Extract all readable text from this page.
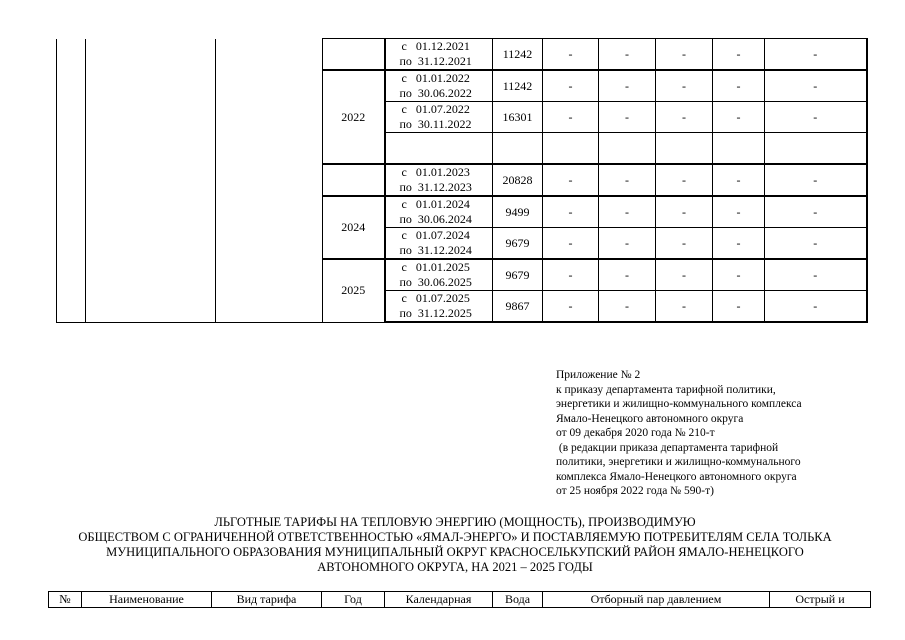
				с   01.12.2021
по  31.12.2021	11242	-	-	-	-	-
			2022	с   01.01.2022
по  30.06.2022	11242	-	-	-	-	-

				с   01.07.2022
по  30.11.2022	16301	-	-	-	-	-

				с   01.01.2023
по  31.12.2023	20828	-	-	-	-	-
			2024	с   01.01.2024
по  30.06.2024	9499	-	-	-	-	-

				с   01.07.2024
по  31.12.2024	9679	-	-	-	-	-
			2025	с   01.01.2025
по  30.06.2025	9679	-	-	-	-	-

				с   01.07.2025
по  31.12.2025	9867	-	-	-	-	-
Приложение № 2
к приказу департамента тарифной политики,
энергетики и жилищно-коммунального комплекса
Ямало-Ненецкого автономного округа
от 09 декабря 2020 года № 210-т
(в редакции приказа департамента тарифной
политики, энергетики и жилищно-коммунального
комплекса Ямало-Ненецкого автономного округа
от 25 ноября 2022 года № 590-т)
ЛЬГОТНЫЕ ТАРИФЫ НА ТЕПЛОВУЮ ЭНЕРГИЮ (МОЩНОСТЬ), ПРОИЗВОДИМУЮ
ОБЩЕСТВОМ С ОГРАНИЧЕННОЙ ОТВЕТСТВЕННОСТЬЮ «ЯМАЛ-ЭНЕРГО» И ПОСТАВЛЯЕМУЮ ПОТРЕБИТЕЛЯМ СЕЛА ТОЛЬКА
МУНИЦИПАЛЬНОГО ОБРАЗОВАНИЯ МУНИЦИПАЛЬНЫЙ ОКРУГ КРАСНОСЕЛЬКУПСКИЙ РАЙОН ЯМАЛО-НЕНЕЦКОГО
АВТОНОМНОГО ОКРУГА, НА 2021 – 2025 ГОДЫ
№	Наименование	Вид тарифа	Год	Календарная	Вода	Отборный пар давлением	Острый и
